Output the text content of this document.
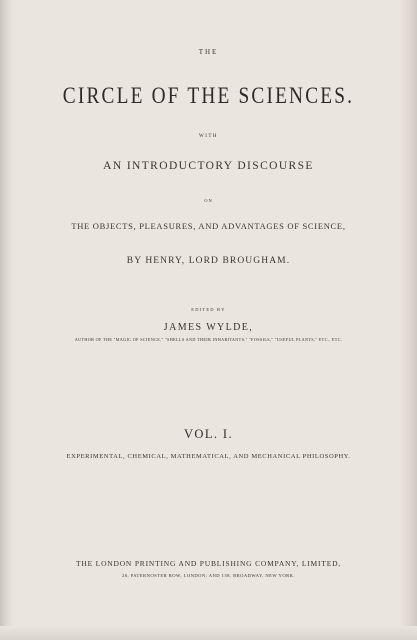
THE
CIRCLE OF THE SCIENCES.
WITH
AN INTRODUCTORY DISCOURSE
ON
THE OBJECTS, PLEASURES, AND ADVANTAGES OF SCIENCE,
BY HENRY, LORD BROUGHAM.
EDITED BY
JAMES WYLDE,
AUTHOR OF THE "MAGIC OF SCIENCE," "SHELLS AND THEIR INHABITANTS," "FOSSILS," "USEFUL PLANTS," ETC., ETC.
VOL. I.
EXPERIMENTAL, CHEMICAL, MATHEMATICAL, AND MECHANICAL PHILOSOPHY.
THE LONDON PRINTING AND PUBLISHING COMPANY, LIMITED,
26, PATERNOSTER ROW, LONDON; AND 138, BROADWAY, NEW YORK.
